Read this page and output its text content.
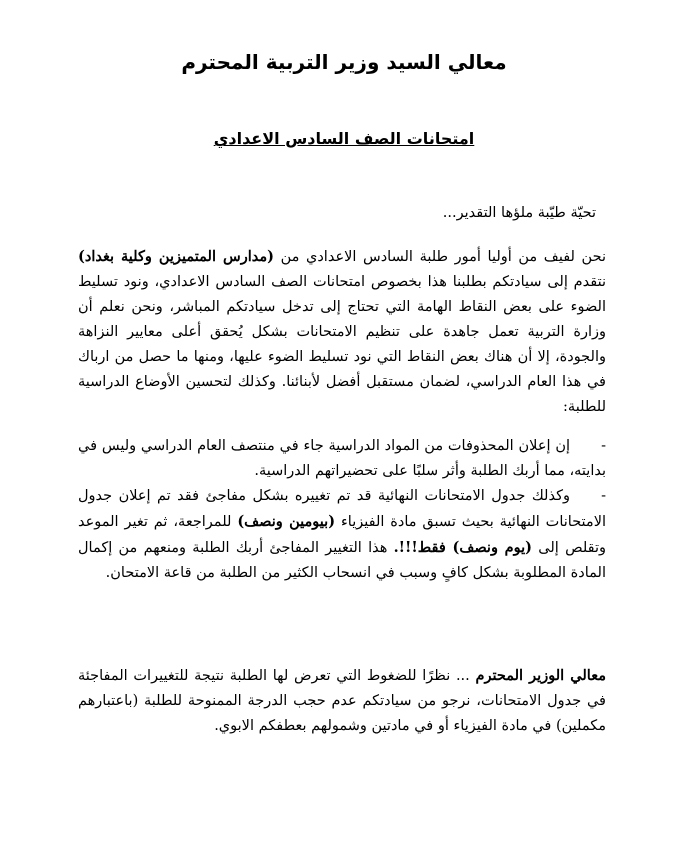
معالي السيد وزير التربية المحترم
امتحانات الصف السادس الاعدادي
تحيّة طيّبة ملؤها التقدير...
نحن لفيف من أوليا أمور طلبة السادس الاعدادي من (مدارس المتميزين وكلية بغداد) نتقدم إلى سيادتكم بطلبنا هذا بخصوص امتحانات الصف السادس الاعدادي، ونود تسليط الضوء على بعض النقاط الهامة التي تحتاج إلى تدخل سيادتكم المباشر، ونحن نعلم أن وزارة التربية تعمل جاهدة على تنظيم الامتحانات بشكل يُحقق أعلى معايير النزاهة والجودة، إلا أن هناك بعض النقاط التي نود تسليط الضوء عليها، ومنها ما حصل من ارباك في هذا العام الدراسي، لضمان مستقبل أفضل لأبنائنا. وكذلك لتحسين الأوضاع الدراسية للطلبة:
-إن إعلان المحذوفات من المواد الدراسية جاء في منتصف العام الدراسي وليس في بدايته، مما أربك الطلبة وأثر سلبًا على تحضيراتهم الدراسية.
-وكذلك جدول الامتحانات النهائية قد تم تغييره بشكل مفاجئ فقد تم إعلان جدول الامتحانات النهائية بحيث تسبق مادة الفيزياء (بيومين ونصف) للمراجعة، ثم تغير الموعد وتقلص إلى (يوم ونصف) فقط!!!. هذا التغيير المفاجئ أربك الطلبة ومنعهم من إكمال المادة المطلوبة بشكل كافٍ وسبب في انسحاب الكثير من الطلبة من قاعة الامتحان.
معالي الوزير المحترم ... نظرًا للضغوط التي تعرض لها الطلبة نتيجة للتغييرات المفاجئة في جدول الامتحانات، نرجو من سيادتكم عدم حجب الدرجة الممنوحة للطلبة (باعتبارهم مكملين) في مادة الفيزياء أو في مادتين وشمولهم بعطفكم الابوي.
